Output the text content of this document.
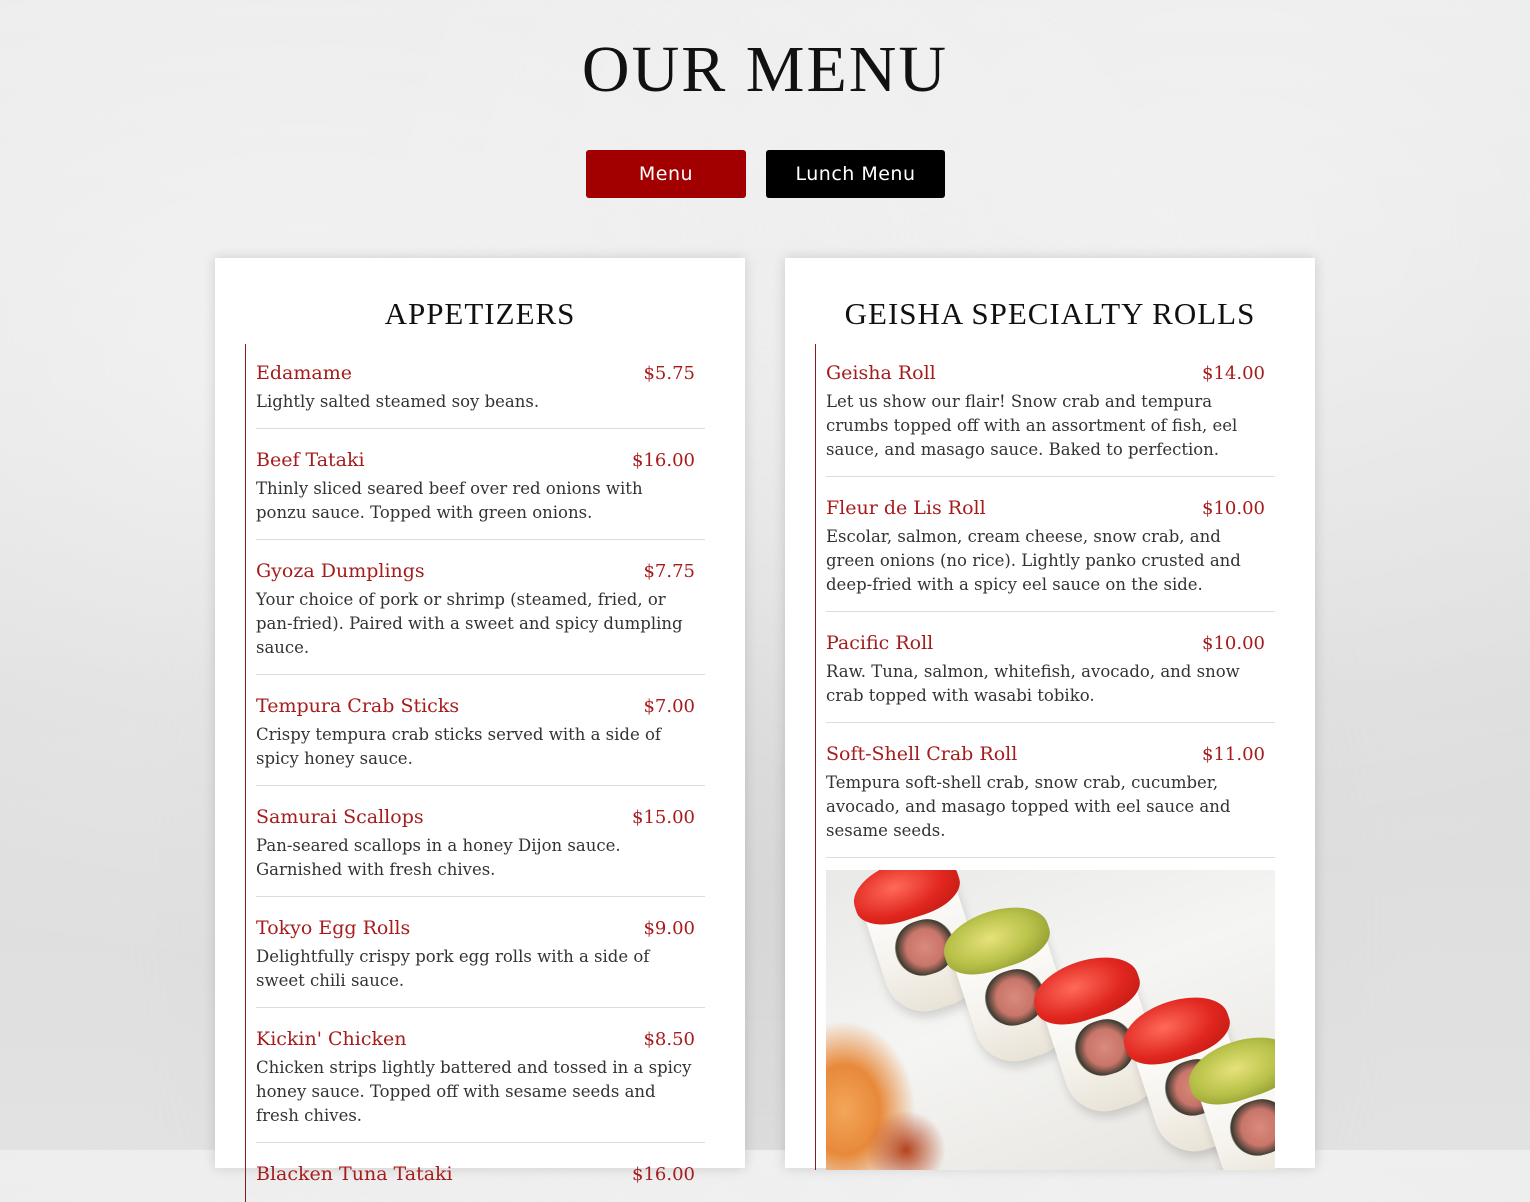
OUR MENU
Menu	Lunch Menu
APPETIZERS
Edamame	$5.75
Lightly salted steamed soy beans.
Beef Tataki	$16.00
Thinly sliced seared beef over red onions with ponzu sauce. Topped with green onions.
Gyoza Dumplings	$7.75
Your choice of pork or shrimp (steamed, fried, or pan-fried). Paired with a sweet and spicy dumpling sauce.
Tempura Crab Sticks	$7.00
Crispy tempura crab sticks served with a side of spicy honey sauce.
Samurai Scallops	$15.00
Pan-seared scallops in a honey Dijon sauce. Garnished with fresh chives.
Tokyo Egg Rolls	$9.00
Delightfully crispy pork egg rolls with a side of sweet chili sauce.
Kickin' Chicken	$8.50
Chicken strips lightly battered and tossed in a spicy honey sauce. Topped off with sesame seeds and fresh chives.
Blacken Tuna Tataki	$16.00
GEISHA SPECIALTY ROLLS
Geisha Roll	$14.00
Let us show our flair! Snow crab and tempura crumbs topped off with an assortment of fish, eel sauce, and masago sauce. Baked to perfection.
Fleur de Lis Roll	$10.00
Escolar, salmon, cream cheese, snow crab, and green onions (no rice). Lightly panko crusted and deep-fried with a spicy eel sauce on the side.
Pacific Roll	$10.00
Raw. Tuna, salmon, whitefish, avocado, and snow crab topped with wasabi tobiko.
Soft-Shell Crab Roll	$11.00
Tempura soft-shell crab, snow crab, cucumber, avocado, and masago topped with eel sauce and sesame seeds.
